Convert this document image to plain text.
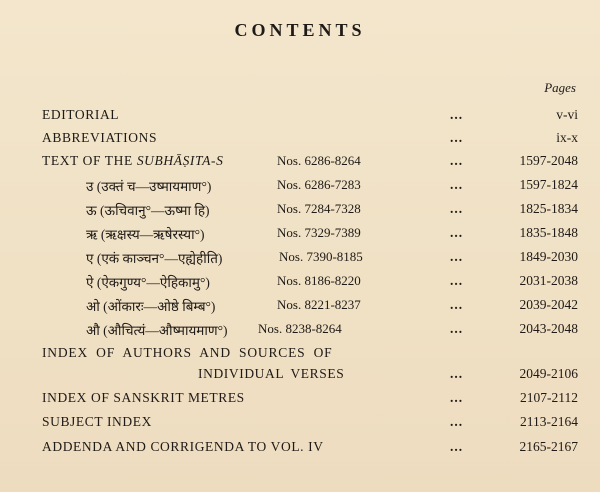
CONTENTS
Pages
EDITORIAL	...	v-vi
ABBREVIATIONS	...	ix-x
TEXT OF THE SUBHĀṢITA-S	Nos. 6286-8264	...	1597-2048
उ (उक्तं च—उष्मायमाण°)	Nos. 6286-7283	...	1597-1824
ऊ (ऊचिवानु°—ऊष्मा हि)	Nos. 7284-7328	...	1825-1834
ऋ (ऋक्षस्य—ऋषेरस्या°)	Nos. 7329-7389	...	1835-1848
ए (एकं काञ्चन°—एह्येहीति)	Nos. 7390-8185	...	1849-2030
ऐ (ऐकगुण्य°—ऐहिकामु°)	Nos. 8186-8220	...	2031-2038
ओ (ओंकारः—ओष्ठे बिम्ब°)	Nos. 8221-8237	...	2039-2042
औ (औचित्यं—औष्मायमाण°) Nos. 8238-8264	...	2043-2048
INDEX OF AUTHORS AND SOURCES OF
INDIVIDUAL VERSES	...	2049-2106
INDEX OF SANSKRIT METRES	...	2107-2112
SUBJECT INDEX	...	2113-2164
ADDENDA AND CORRIGENDA TO VOL. IV	...	2165-2167
